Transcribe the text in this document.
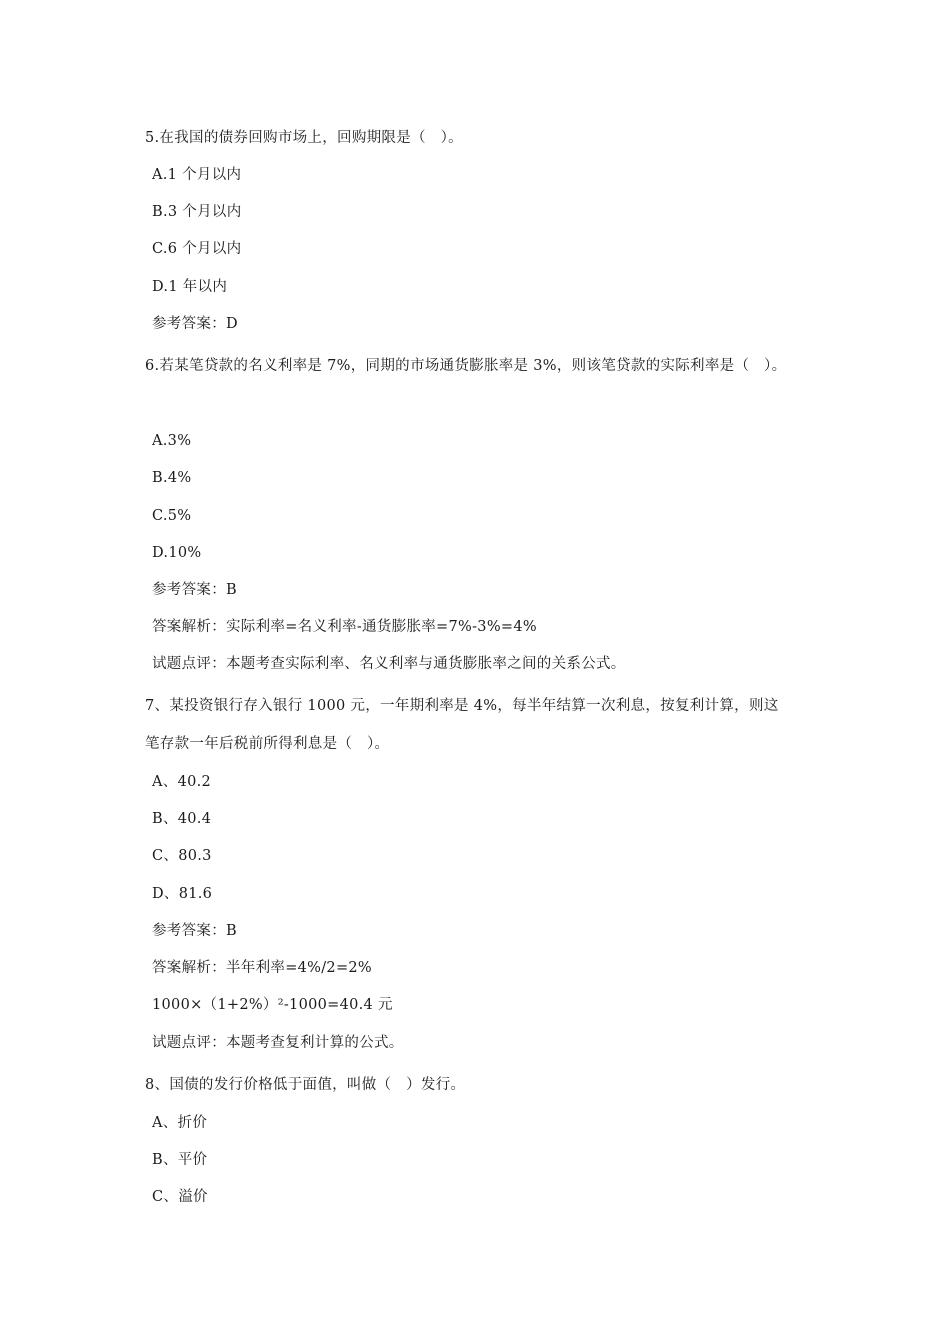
5.在我国的债券回购市场上，回购期限是（　）。
A.1 个月以内
B.3 个月以内
C.6 个月以内
D.1 年以内
参考答案：D
6.若某笔贷款的名义利率是 7%，同期的市场通货膨胀率是 3%，则该笔贷款的实际利率是（　）。
A.3%
B.4%
C.5%
D.10%
参考答案：B
答案解析：实际利率=名义利率-通货膨胀率=7%-3%=4%
试题点评：本题考查实际利率、名义利率与通货膨胀率之间的关系公式。
7、某投资银行存入银行 1000 元，一年期利率是 4%，每半年结算一次利息，按复利计算，则这
笔存款一年后税前所得利息是（　）。
A、40.2
B、40.4
C、80.3
D、81.6
参考答案：B
答案解析：半年利率=4%/2=2%
1000×（1+2%）²-1000=40.4 元
试题点评：本题考查复利计算的公式。
8、国债的发行价格低于面值，叫做（　）发行。
A、折价
B、平价
C、溢价
